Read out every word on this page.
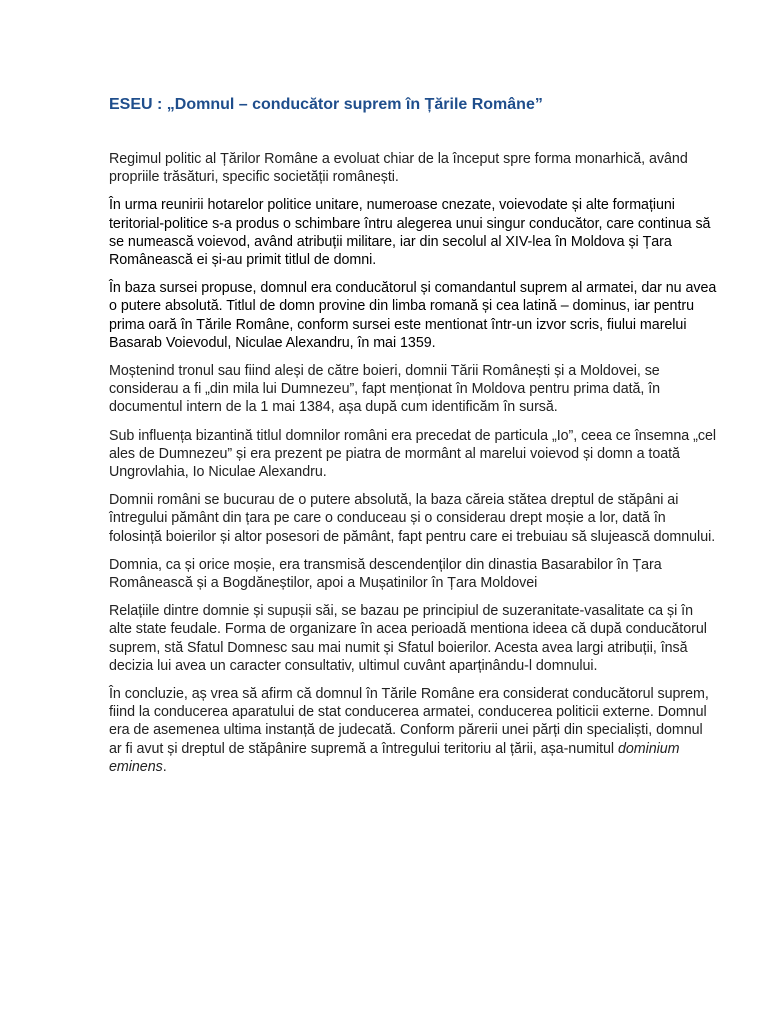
ESEU : „Domnul – conducător suprem în Țările Române”

Regimul politic al Țărilor Române a evoluat chiar de la început spre forma monarhică, având propriile trăsături, specific societății românești.

În urma reunirii hotarelor politice unitare, numeroase cnezate, voievodate și alte formațiuni teritorial-politice s-a produs o schimbare întru alegerea unui singur conducător, care continua să se numească voievod, având atribuții militare, iar din secolul al XIV-lea în Moldova și Țara Românească ei și-au primit titlul de domni.

În baza sursei propuse, domnul era conducătorul și comandantul suprem al armatei, dar nu avea o putere absolută. Titlul de domn provine din limba romană și cea latină – dominus, iar pentru prima oară în Tările Române, conform sursei este mentionat într-un izvor scris, fiului marelui Basarab Voievodul, Niculae Alexandru, în mai 1359.

Moștenind tronul sau fiind aleși de către boieri, domnii Tării Românești și a Moldovei, se considerau a fi „din mila lui Dumnezeu”, fapt menționat în Moldova pentru prima dată, în documentul intern de la 1 mai 1384, așa după cum identificăm în sursă.

Sub influența bizantină titlul domnilor români era precedat de particula „Io”, ceea ce însemna „cel ales de Dumnezeu” și era prezent pe piatra de mormânt al marelui voievod și domn a toată Ungrovlahia, Io Niculae Alexandru.

Domnii români se bucurau de o putere absolută, la baza căreia stătea dreptul de stăpâni ai întregului pământ din țara pe care o conduceau și o considerau drept moșie a lor, dată în folosință boierilor și altor posesori de pământ, fapt pentru care ei trebuiau să slujească domnului.

Domnia, ca și orice moșie, era transmisă descendenților din dinastia Basarabilor în Țara Românească și a Bogdăneștilor, apoi a Mușatinilor în Țara Moldovei

Relațiile dintre domnie și supușii săi, se bazau pe principiul de suzeranitate-vasalitate ca și în alte state feudale. Forma de organizare în acea perioadă mentiona ideea că după conducătorul suprem, stă Sfatul Domnesc sau mai numit și Sfatul boierilor. Acesta avea largi atribuții, însă decizia lui avea un caracter consultativ, ultimul cuvânt aparținându-l domnului.

În concluzie, aș vrea să afirm că domnul în Tările Române era considerat conducătorul suprem, fiind la conducerea aparatului de stat conducerea armatei, conducerea politicii externe. Domnul era de asemenea ultima instanță de judecată. Conform părerii unei părți din specialiști, domnul ar fi avut și dreptul de stăpânire supremă a întregului teritoriu al țării, așa-numitul dominium eminens.
